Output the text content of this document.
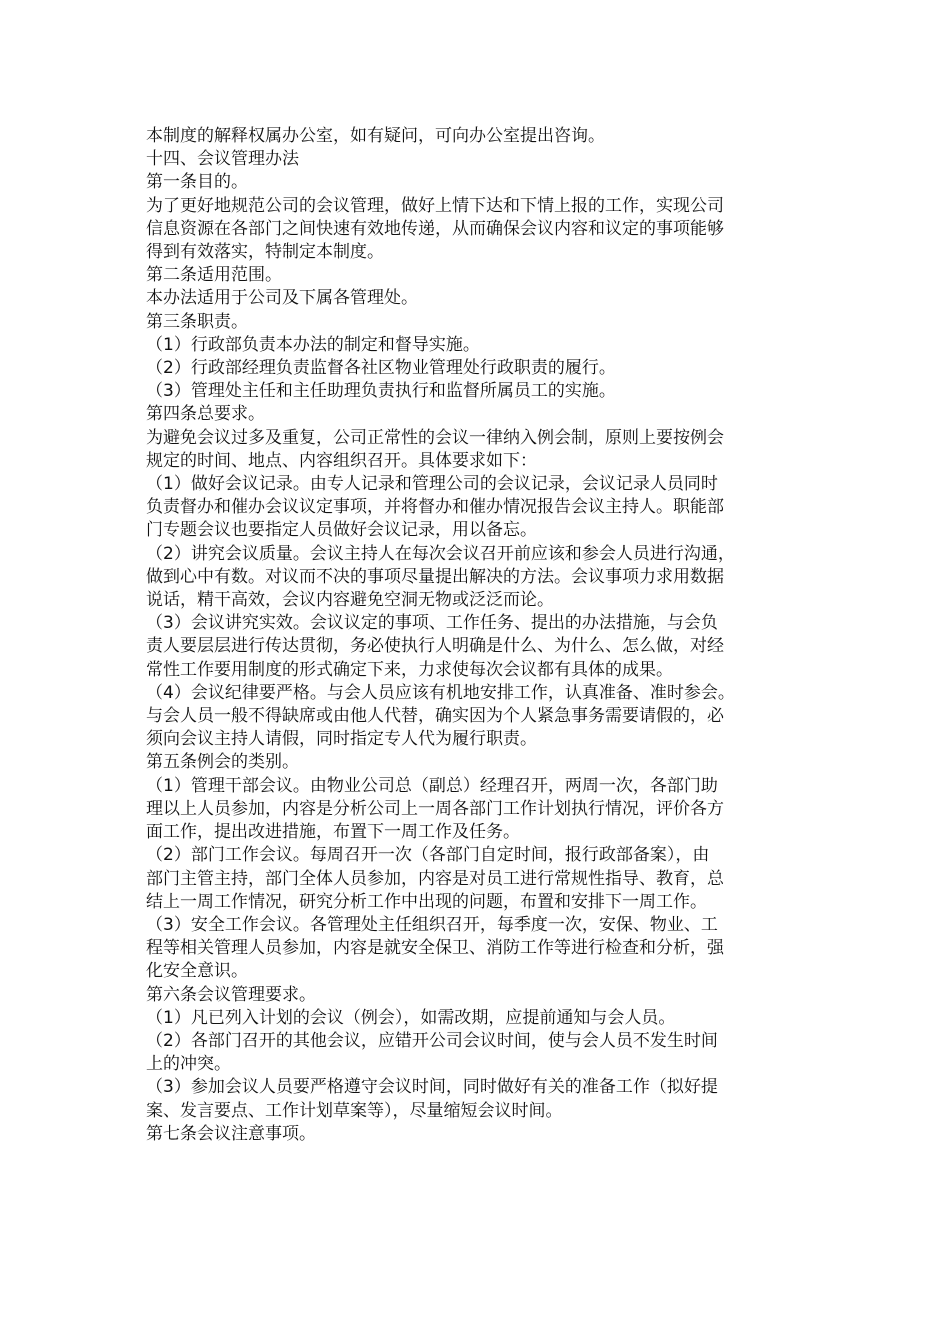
本制度的解释权属办公室，如有疑问，可向办公室提出咨询。

十四、会议管理办法

第一条目的。

为了更好地规范公司的会议管理，做好上情下达和下情上报的工作，实现公司

信息资源在各部门之间快速有效地传递，从而确保会议内容和议定的事项能够

得到有效落实，特制定本制度。

第二条适用范围。

本办法适用于公司及下属各管理处。

第三条职责。

（1）行政部负责本办法的制定和督导实施。

（2）行政部经理负责监督各社区物业管理处行政职责的履行。

（3）管理处主任和主任助理负责执行和监督所属员工的实施。

第四条总要求。

为避免会议过多及重复，公司正常性的会议一律纳入例会制，原则上要按例会

规定的时间、地点、内容组织召开。具体要求如下：

（1）做好会议记录。由专人记录和管理公司的会议记录，会议记录人员同时

负责督办和催办会议议定事项，并将督办和催办情况报告会议主持人。职能部

门专题会议也要指定人员做好会议记录，用以备忘。

（2）讲究会议质量。会议主持人在每次会议召开前应该和参会人员进行沟通，

做到心中有数。对议而不决的事项尽量提出解决的方法。会议事项力求用数据

说话，精干高效，会议内容避免空洞无物或泛泛而论。

（3）会议讲究实效。会议议定的事项、工作任务、提出的办法措施，与会负

责人要层层进行传达贯彻，务必使执行人明确是什么、为什么、怎么做，对经

常性工作要用制度的形式确定下来，力求使每次会议都有具体的成果。

（4）会议纪律要严格。与会人员应该有机地安排工作，认真准备、准时参会。

与会人员一般不得缺席或由他人代替，确实因为个人紧急事务需要请假的，必

须向会议主持人请假，同时指定专人代为履行职责。

第五条例会的类别。

（1）管理干部会议。由物业公司总（副总）经理召开，两周一次，各部门助

理以上人员参加，内容是分析公司上一周各部门工作计划执行情况，评价各方

面工作，提出改进措施，布置下一周工作及任务。

（2）部门工作会议。每周召开一次（各部门自定时间，报行政部备案），由

部门主管主持，部门全体人员参加，内容是对员工进行常规性指导、教育，总

结上一周工作情况，研究分析工作中出现的问题，布置和安排下一周工作。

（3）安全工作会议。各管理处主任组织召开，每季度一次，安保、物业、工

程等相关管理人员参加，内容是就安全保卫、消防工作等进行检查和分析，强

化安全意识。

第六条会议管理要求。

（1）凡已列入计划的会议（例会），如需改期，应提前通知与会人员。

（2）各部门召开的其他会议，应错开公司会议时间，使与会人员不发生时间

上的冲突。

（3）参加会议人员要严格遵守会议时间，同时做好有关的准备工作（拟好提

案、发言要点、工作计划草案等），尽量缩短会议时间。

第七条会议注意事项。
